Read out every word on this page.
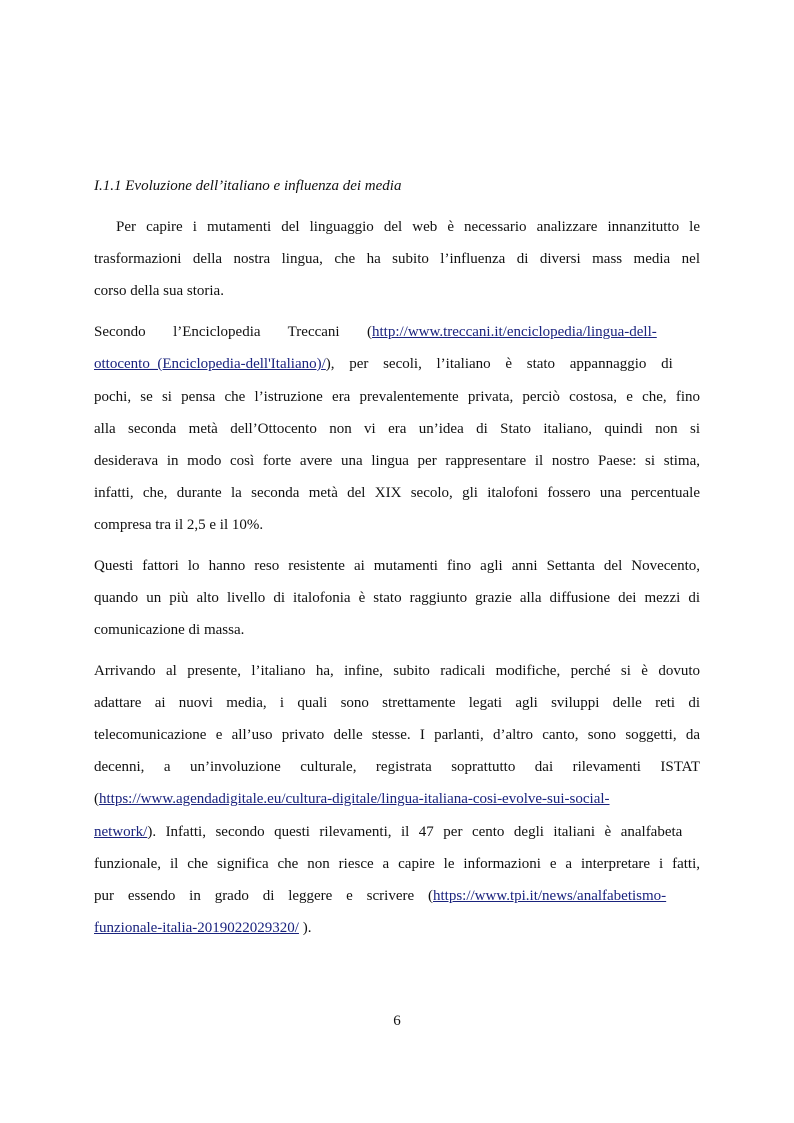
I.1.1 Evoluzione dell’italiano e influenza dei media
Per capire i mutamenti del linguaggio del web è necessario analizzare innanzitutto le
trasformazioni della nostra lingua, che ha subito l’influenza di diversi mass media nel
corso della sua storia.
Secondo l’Enciclopedia Treccani (http://www.treccani.it/enciclopedia/lingua-dell-
ottocento_(Enciclopedia-dell'Italiano)/), per secoli, l’italiano è stato appannaggio di
pochi, se si pensa che l’istruzione era prevalentemente privata, perciò costosa, e che, fino
alla seconda metà dell’Ottocento non vi era un’idea di Stato italiano, quindi non si
desiderava in modo così forte avere una lingua per rappresentare il nostro Paese: si stima,
infatti, che, durante la seconda metà del XIX secolo, gli italofoni fossero una percentuale
compresa tra il 2,5 e il 10%.
Questi fattori lo hanno reso resistente ai mutamenti fino agli anni Settanta del Novecento,
quando un più alto livello di italofonia è stato raggiunto grazie alla diffusione dei mezzi di
comunicazione di massa.
Arrivando al presente, l’italiano ha, infine, subito radicali modifiche, perché si è dovuto
adattare ai nuovi media, i quali sono strettamente legati agli sviluppi delle reti di
telecomunicazione e all’uso privato delle stesse. I parlanti, d’altro canto, sono soggetti, da
decenni, a un’involuzione culturale, registrata soprattutto dai rilevamenti ISTAT
(https://www.agendadigitale.eu/cultura-digitale/lingua-italiana-cosi-evolve-sui-social-
network/). Infatti, secondo questi rilevamenti, il 47 per cento degli italiani è analfabeta
funzionale, il che significa che non riesce a capire le informazioni e a interpretare i fatti,
pur essendo in grado di leggere e scrivere (https://www.tpi.it/news/analfabetismo-
funzionale-italia-2019022029320/ ).
6
